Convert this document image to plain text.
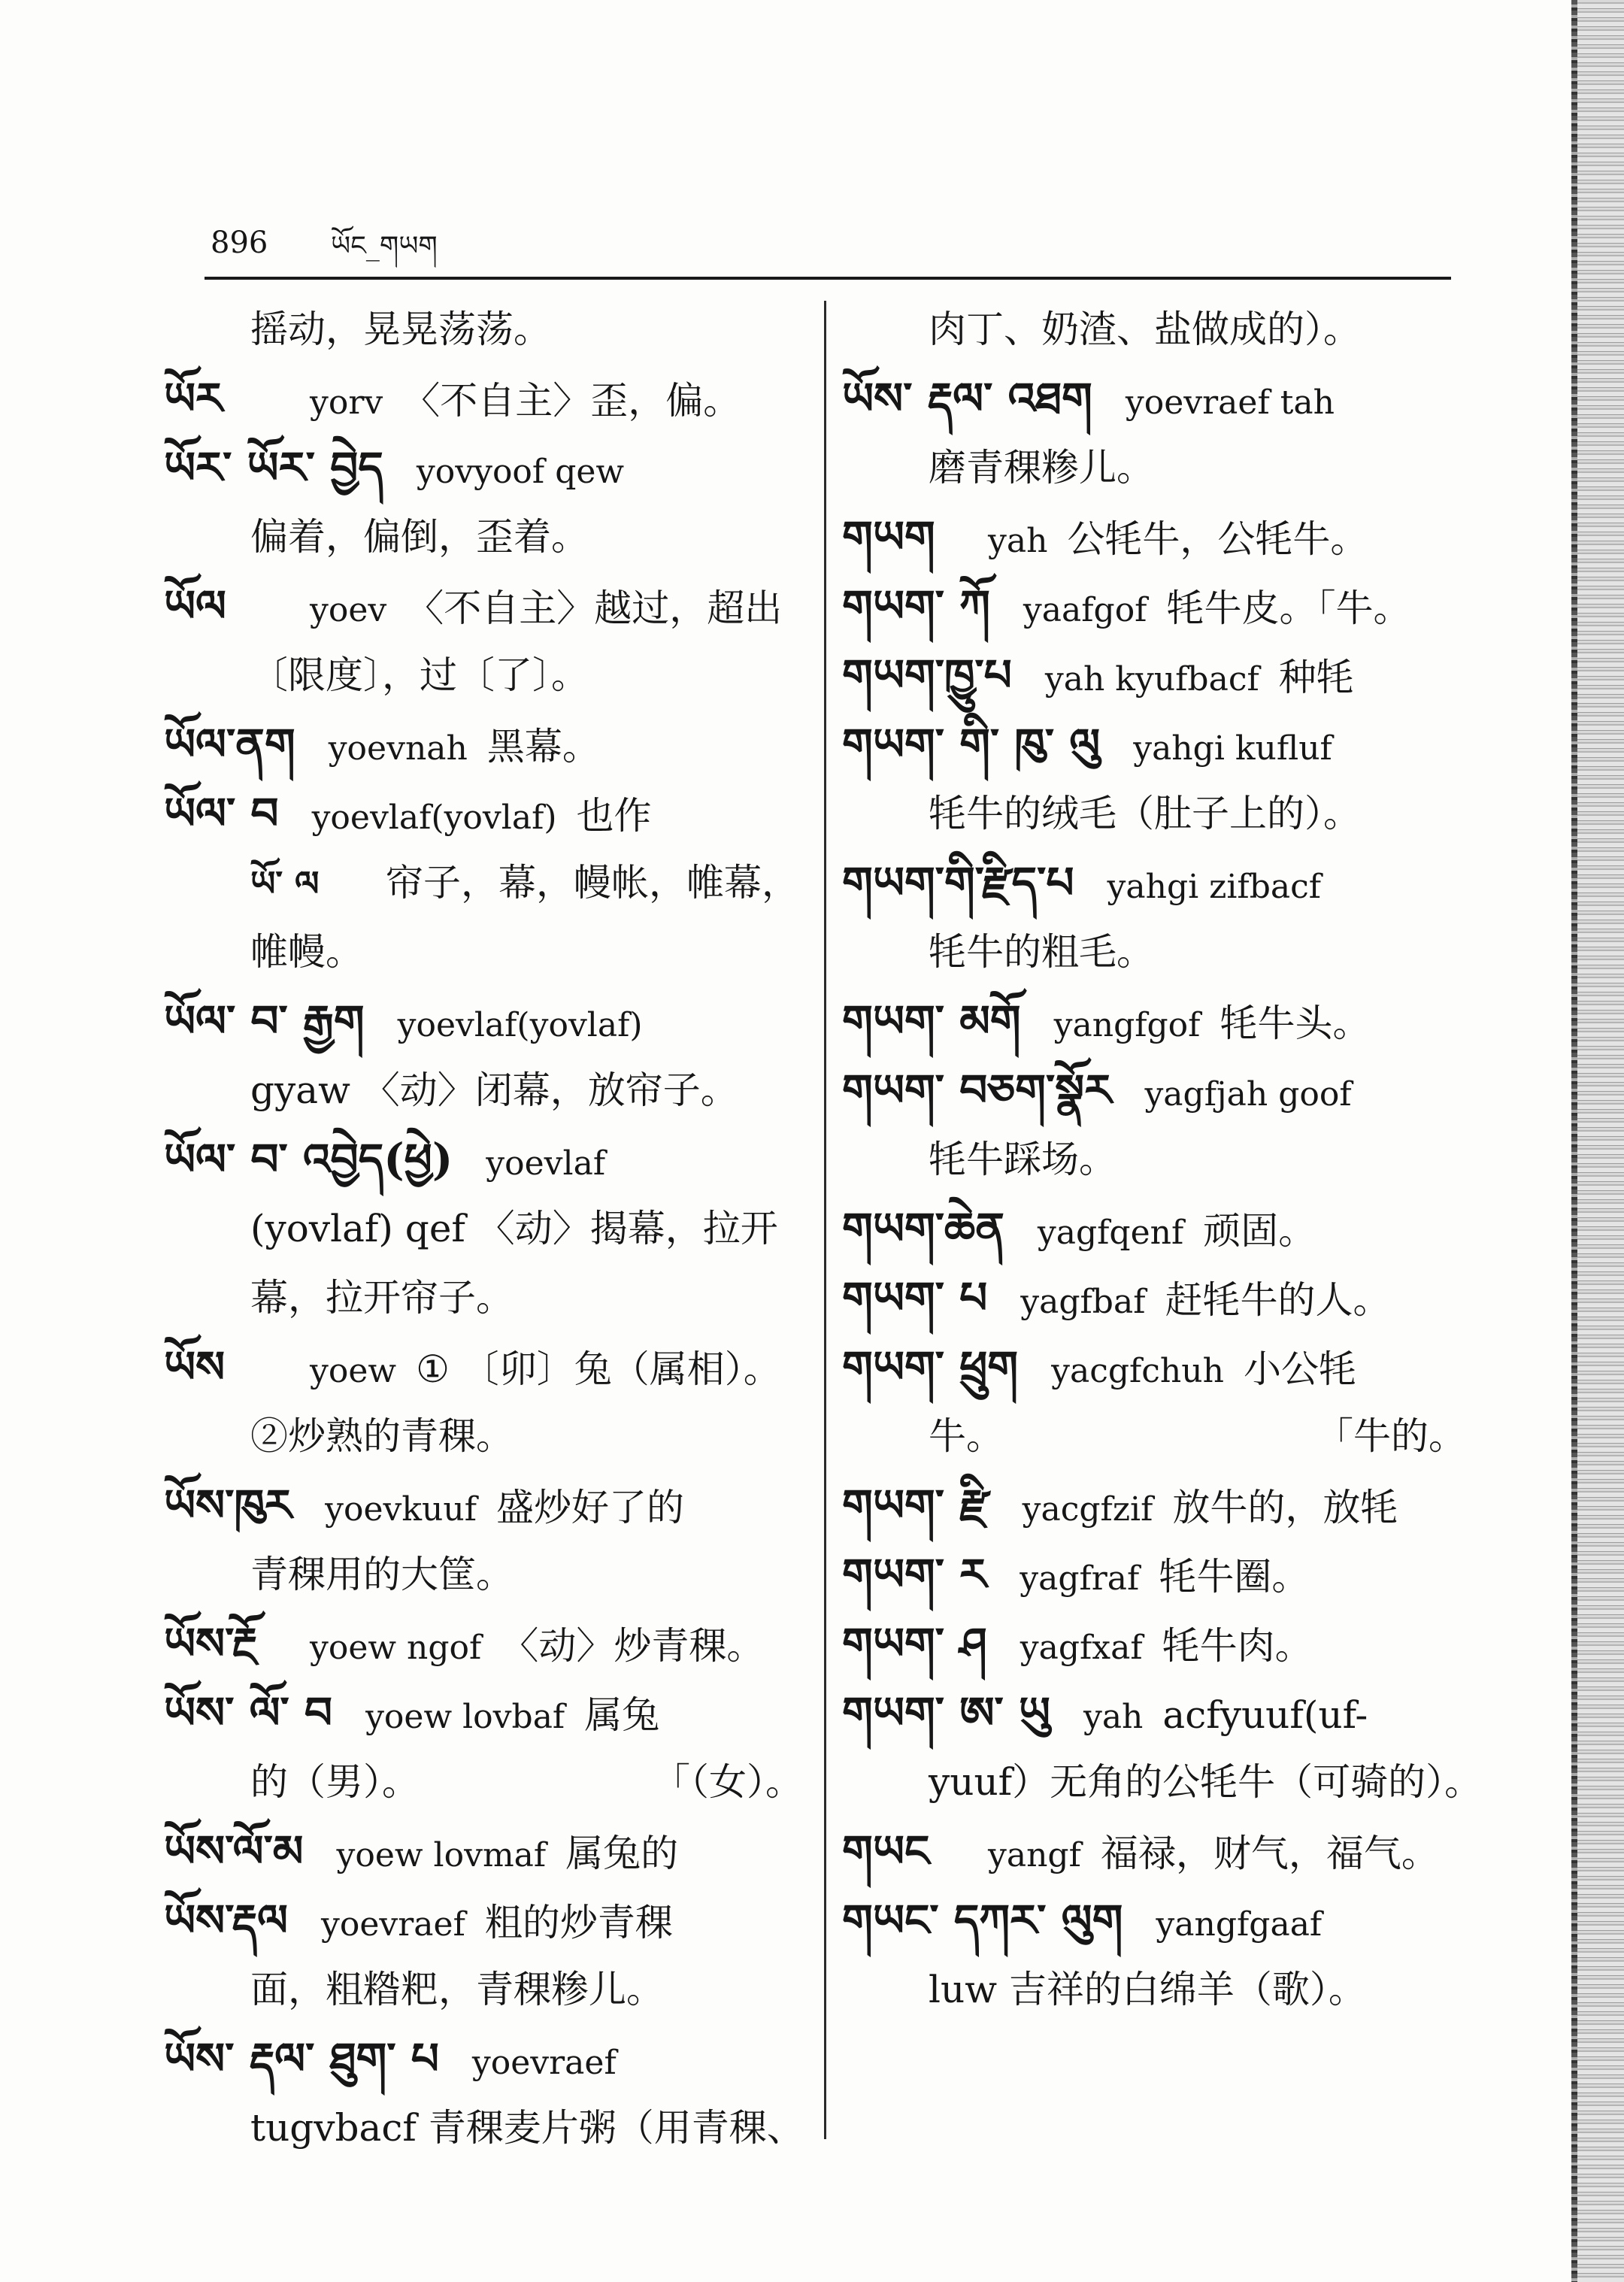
896 ཡོང_གཡག
摇动，晃晃荡荡。
ཡོར	yorv 〈不自主〉歪，偏。
ཡོར་ ཡོར་ བྱེད yovyoof qew
偏着，偏倒，歪着。
ཡོལ	yoev 〈不自主〉越过，超出
〔限度〕，过〔了〕。
ཡོལ་ནག yoevnah 黑幕。
ཡོལ་ བ yoevlaf(yovlaf) 也作
ཡོ་ ལ 帘子，幕，幔帐，帷幕，
帷幔。
ཡོལ་ བ་ རྒྱག yoevlaf(yovlaf)
gyaw 〈动〉闭幕，放帘子。
ཡོལ་ བ་ འབྱེད(ཕྱེ) yoevlaf
(yovlaf) qef 〈动〉揭幕，拉开
幕，拉开帘子。
ཡོས	yoew ① 〔卯〕兔（属相）。
②炒熟的青稞。
ཡོས་ཁུར yoevkuuf 盛炒好了的
青稞用的大筐。
ཡོས་རྔོ yoew ngof 〈动〉炒青稞。
ཡོས་ ལོ་ བ yoew lovbaf 属兔
的（男）。	「（女）。
ཡོས་ལོ་མ yoew lovmaf 属兔的
ཡོས་རྡལ yoevraef 粗的炒青稞
面，粗糌粑，青稞糁儿。
ཡོས་ རྡལ་ ཐུག་ པ yoevraef
tugvbacf 青稞麦片粥（用青稞、
肉丁、奶渣、盐做成的）。
ཡོས་ རྡལ་ འཐག yoevraef tah
磨青稞糁儿。
གཡག yah 公牦牛，公牦牛。
གཡག་ ཀོ yaafgof 牦牛皮。「牛。
གཡག་ཁྱུ་པ yah kyufbacf 种牦
གཡག་ གི་ ཁུ་ ལུ yahgi kufluf
牦牛的绒毛（肚子上的）。
གཡག་གི་རྫིད་པ yahgi zifbacf
牦牛的粗毛。
གཡག་ མགོ yangfgof 牦牛头。
གཡག་ བཅག་སྣོར yagfjah goof
牦牛踩场。
གཡག་ཆེན yagfqenf 顽固。
གཡག་ པ yagfbaf 赶牦牛的人。
གཡག་ ཕྲུག yacgfchuh 小公牦
牛。	「牛的。
གཡག་ རྫི yacgfzif 放牛的，放牦
གཡག་ ར yagfraf 牦牛圈。
གཡག་ ཤ yagfxaf 牦牛肉。
གཡག་ ཨ་ ཡུ yah acfyuuf(uf-
yuuf）无角的公牦牛（可骑的）。
གཡང yangf 福禄，财气，福气。
གཡང་ དཀར་ ལུག yangfgaaf
luw 吉祥的白绵羊（歌）。
